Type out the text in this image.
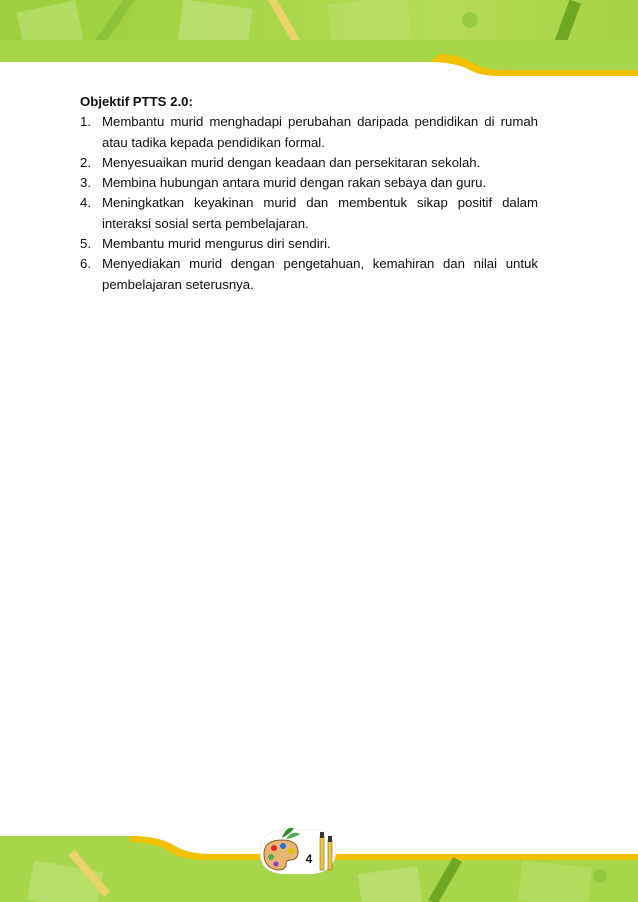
Objektif PTTS 2.0:

1. Membantu murid menghadapi perubahan daripada pendidikan di rumah atau tadika kepada pendidikan formal.
2. Menyesuaikan murid dengan keadaan dan persekitaran sekolah.
3. Membina hubungan antara murid dengan rakan sebaya dan guru.
4. Meningkatkan keyakinan murid dan membentuk sikap positif dalam interaksi sosial serta pembelajaran.
5. Membantu murid mengurus diri sendiri.
6. Menyediakan murid dengan pengetahuan, kemahiran dan nilai untuk pembelajaran seterusnya.
4
